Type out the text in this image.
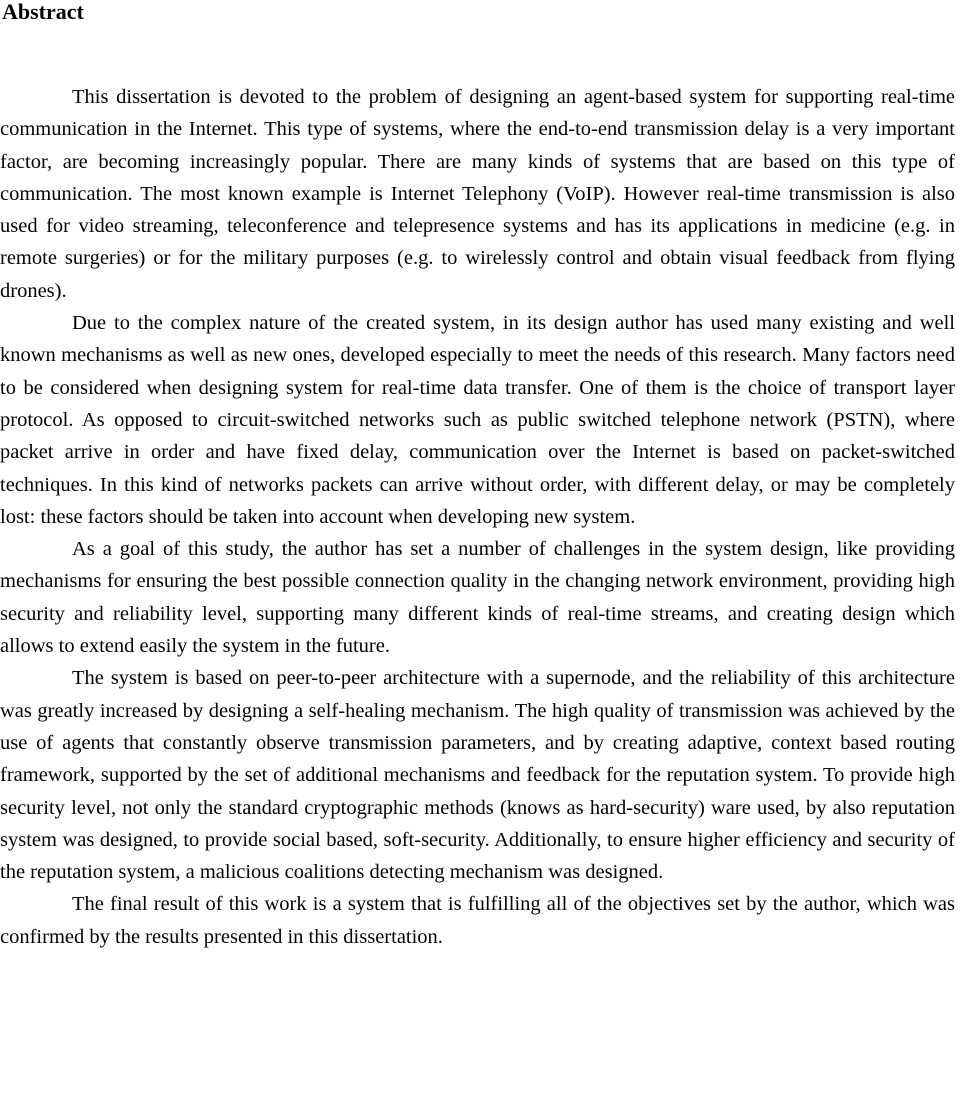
Abstract

This dissertation is devoted to the problem of designing an agent-based system for supporting real-time communication in the Internet. This type of systems, where the end-to-end transmission delay is a very important factor, are becoming increasingly popular. There are many kinds of systems that are based on this type of communication. The most known example is Internet Telephony (VoIP). However real-time transmission is also used for video streaming, teleconference and telepresence systems and has its applications in medicine (e.g. in remote surgeries) or for the military purposes (e.g. to wirelessly control and obtain visual feedback from flying drones).

Due to the complex nature of the created system, in its design author has used many existing and well known mechanisms as well as new ones, developed especially to meet the needs of this research. Many factors need to be considered when designing system for real-time data transfer. One of them is the choice of transport layer protocol. As opposed to circuit-switched networks such as public switched telephone network (PSTN), where packet arrive in order and have fixed delay, communication over the Internet is based on packet-switched techniques. In this kind of networks packets can arrive without order, with different delay, or may be completely lost: these factors should be taken into account when developing new system.

As a goal of this study, the author has set a number of challenges in the system design, like providing mechanisms for ensuring the best possible connection quality in the changing network environment, providing high security and reliability level, supporting many different kinds of real-time streams, and creating design which allows to extend easily the system in the future.

The system is based on peer-to-peer architecture with a supernode, and the reliability of this architecture was greatly increased by designing a self-healing mechanism. The high quality of transmission was achieved by the use of agents that constantly observe transmission parameters, and by creating adaptive, context based routing framework, supported by the set of additional mechanisms and feedback for the reputation system. To provide high security level, not only the standard cryptographic methods (knows as hard-security) ware used, by also reputation system was designed, to provide social based, soft-security. Additionally, to ensure higher efficiency and security of the reputation system, a malicious coalitions detecting mechanism was designed.

The final result of this work is a system that is fulfilling all of the objectives set by the author, which was confirmed by the results presented in this dissertation.
